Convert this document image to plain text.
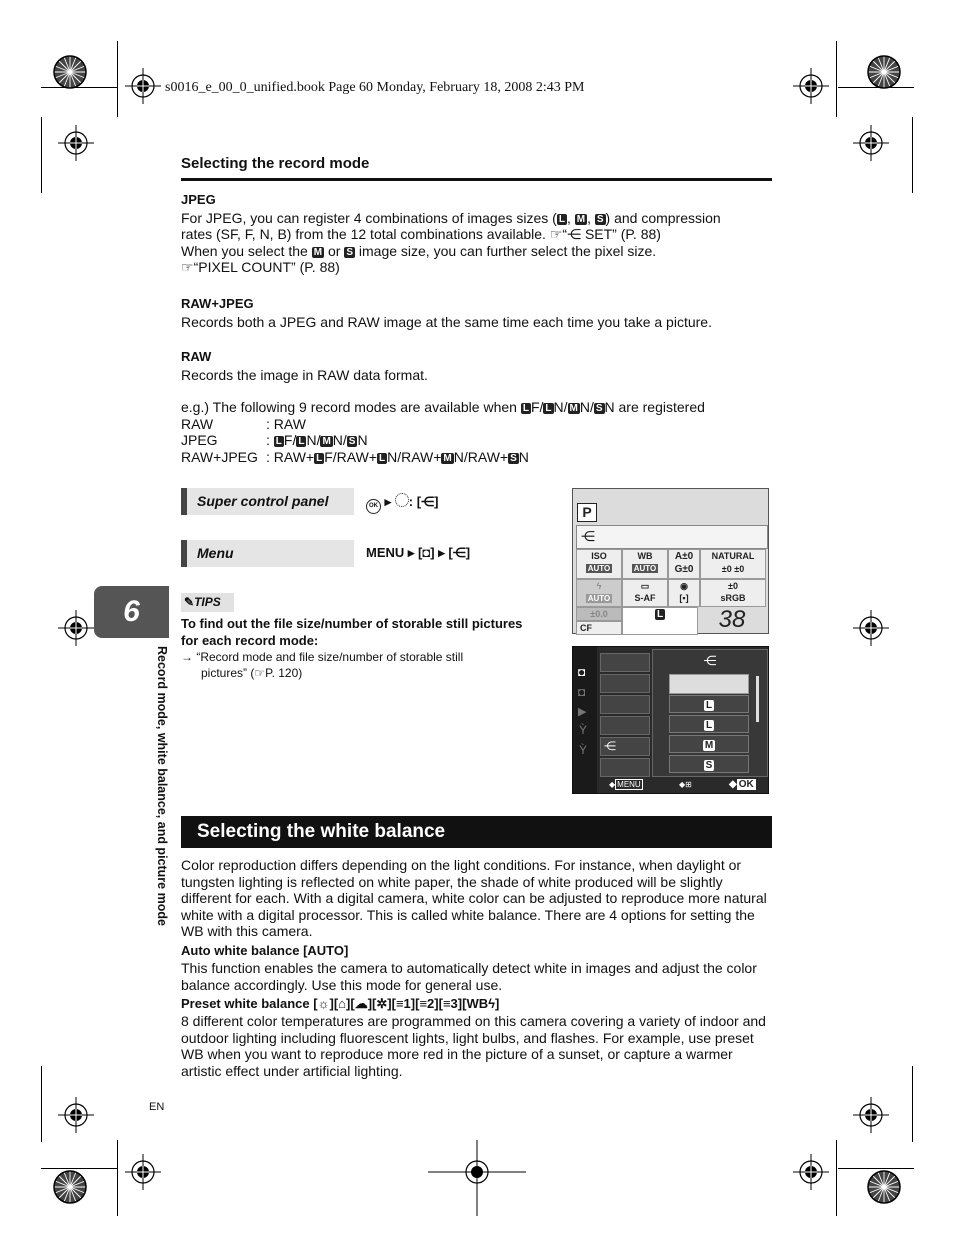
s0016_e_00_0_unified.book Page 60 Monday, February 18, 2008 2:43 PM
Selecting the record mode
JPEG
For JPEG, you can register 4 combinations of images sizes ( L , M , S ) and compression
rates (SF, F, N, B) from the 12 total combinations available. ☞“⋲ SET” (P. 88)
When you select the M or S image size, you can further select the pixel size.
☞“PIXEL COUNT” (P. 88)
RAW+JPEG
Records both a JPEG and RAW image at the same time each time you take a picture.
RAW
Records the image in RAW data format.
e.g.) The following 9 record modes are available when L F/ L N/ M N/ S N are registered
RAW	: RAW
JPEG	: L F/ L N/ M N/ S N
RAW+JPEG : RAW+ L F/RAW+ L N/RAW+ M N/RAW+ S N
Super control panel	OK ▸ : [⋲]
Menu	MENU ▸ [◘] ▸ [⋲]
✎TIPS
To find out the file size/number of storable still pictures for each record mode:
→ “Record mode and file size/number of storable still
pictures” (☞P. 120)
6
Record mode, white balance, and picture mode
P
⋲
ISO
AUTO
WB
AUTO
A±0
G±0
NATURAL
±0 ±0
ϟ
AUTO
▭
S-AF
◉
[▪]
±0
sRGB
±0.0
CF
L	38
◘
◘
▶
Ỳ
Ỳ	⋲
⋲
L
L
M
S
◆ MENU	◆⊞	◆ OK
Selecting the white balance
Color reproduction differs depending on the light conditions. For instance, when daylight or tungsten lighting is reflected on white paper, the shade of white produced will be slightly different for each. With a digital camera, white color can be adjusted to reproduce more natural white with a digital processor. This is called white balance. There are 4 options for setting the WB with this camera.
Auto white balance [AUTO]
This function enables the camera to automatically detect white in images and adjust the color balance accordingly. Use this mode for general use.
Preset white balance [☼][⌂][☁][✲][≡1][≡2][≡3][WBϟ]
8 different color temperatures are programmed on this camera covering a variety of indoor and outdoor lighting including fluorescent lights, light bulbs, and flashes. For example, use preset WB when you want to reproduce more red in the picture of a sunset, or capture a warmer artistic effect under artificial lighting.
EN
